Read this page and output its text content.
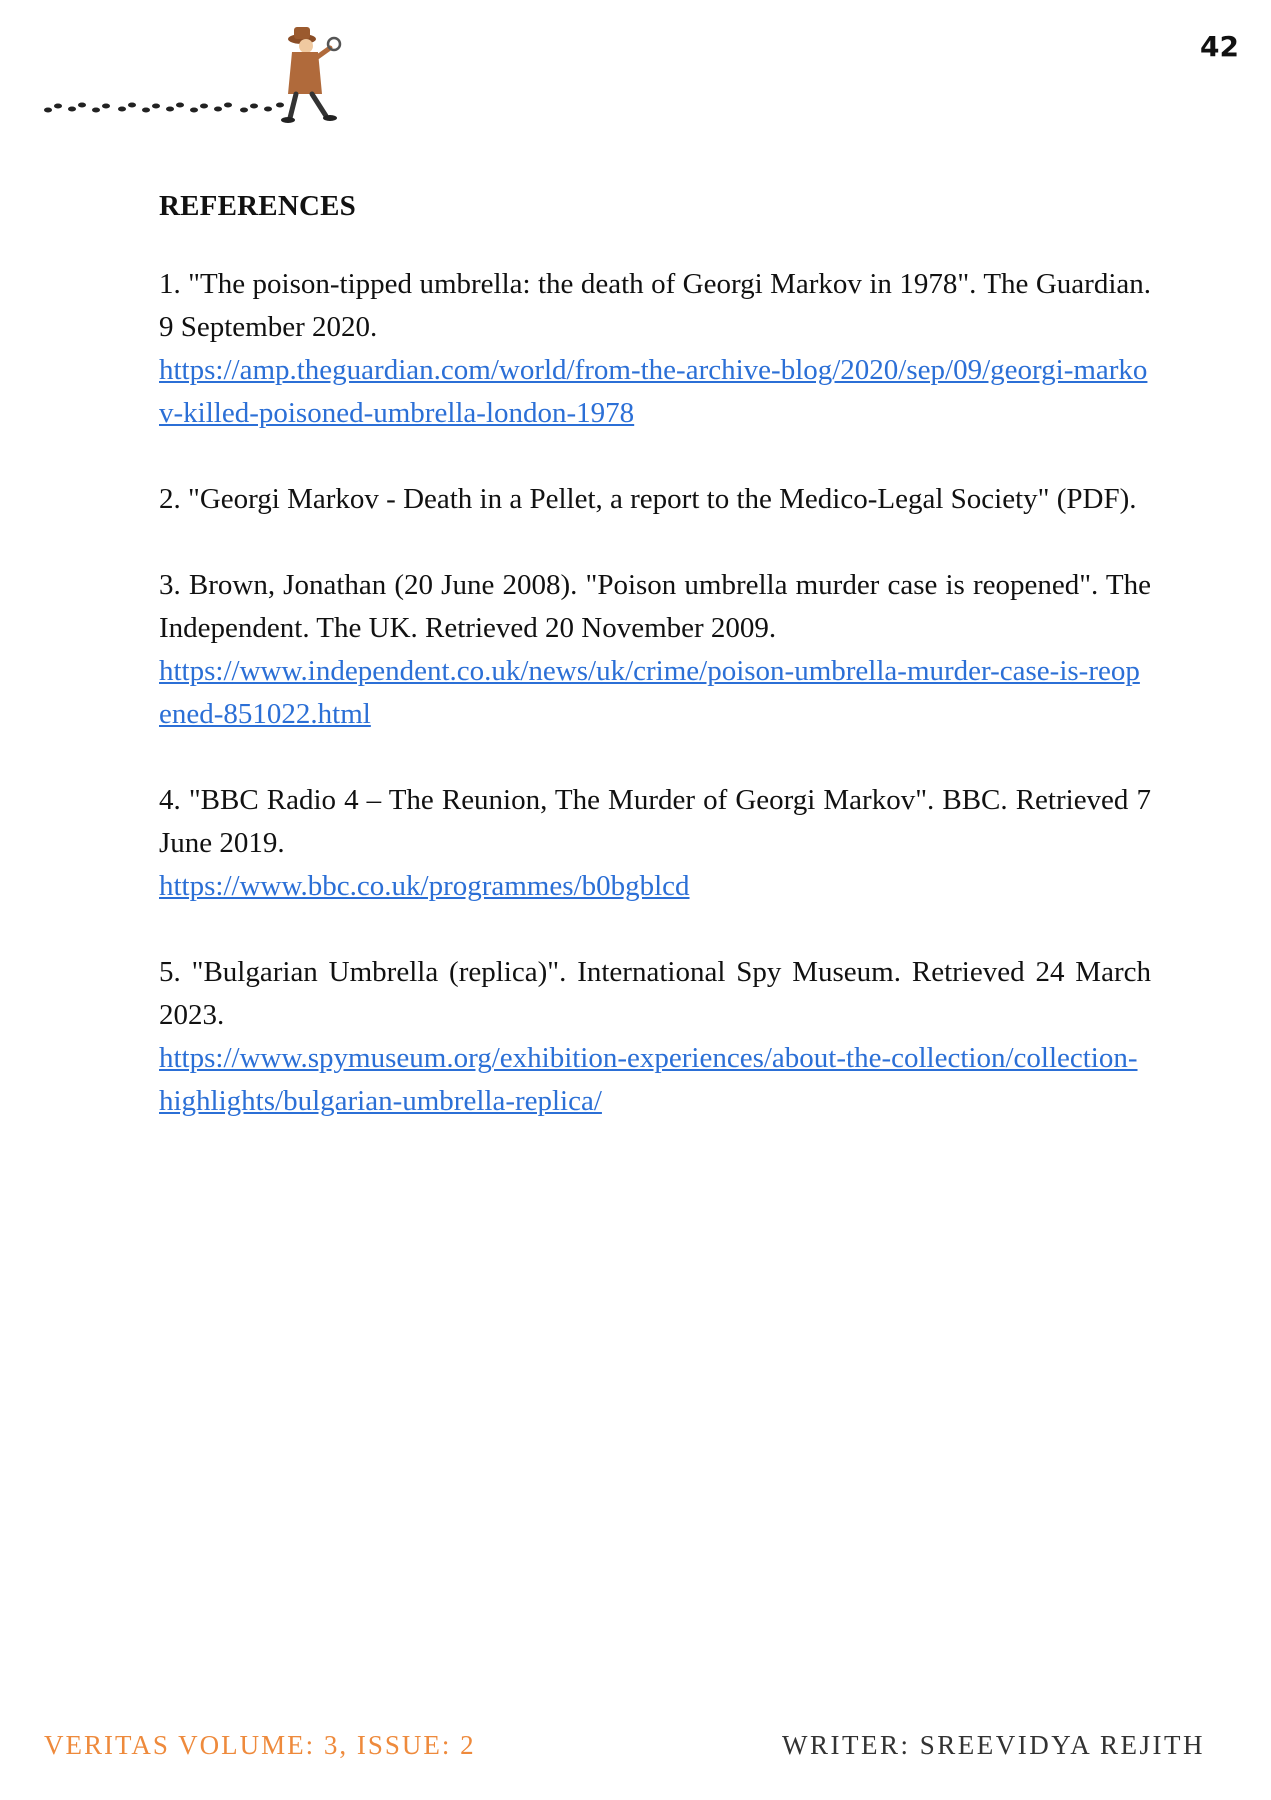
42
REFERENCES
1. "The poison-tipped umbrella: the death of Georgi Markov in 1978". The Guardian. 9 September 2020.
https://amp.theguardian.com/world/from-the-archive-blog/2020/sep/09/georgi-markov-killed-poisoned-umbrella-london-1978
2. "Georgi Markov - Death in a Pellet, a report to the Medico-Legal Society" (PDF).
3. Brown, Jonathan (20 June 2008). "Poison umbrella murder case is reopened". The Independent. The UK. Retrieved 20 November 2009.
https://www.independent.co.uk/news/uk/crime/poison-umbrella-murder-case-is-reopened-851022.html
4. "BBC Radio 4 – The Reunion, The Murder of Georgi Markov". BBC. Retrieved 7 June 2019.
https://www.bbc.co.uk/programmes/b0bgblcd
5. "Bulgarian Umbrella (replica)". International Spy Museum. Retrieved 24 March 2023.
https://www.spymuseum.org/exhibition-experiences/about-the-collection/collection-highlights/bulgarian-umbrella-replica/
VERITAS VOLUME: 3, ISSUE: 2	WRITER: SREEVIDYA REJITH
